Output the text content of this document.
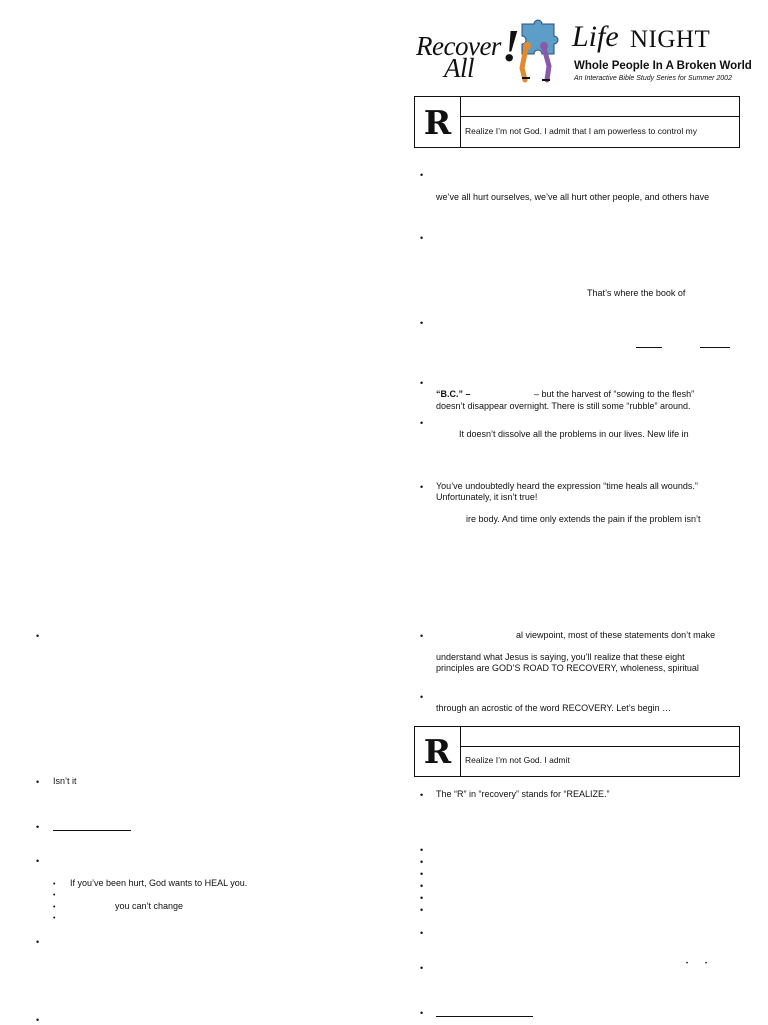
Recover
All ! Life NIGHT
Whole People In A Broken World
An Interactive Bible Study Series for Summer 2002
R	Realize I’m not God. I admit that I am powerless to control my
•
we’ve all hurt ourselves, we’ve all hurt other people, and others have
•
That’s where the book of
•
•
“B.C.” –	– but the harvest of “sowing to the flesh”
doesn’t disappear overnight. There is still some “rubble” around.
•
It doesn’t dissolve all the problems in our lives. New life in
• You’ve undoubtedly heard the expression “time heals all wounds.”
Unfortunately, it isn’t true!
ire body. And time only extends the pain if the problem isn’t
•	al viewpoint, most of these statements don’t make
understand what Jesus is saying, you’ll realize that these eight
principles are GOD’S ROAD TO RECOVERY, wholeness, spiritual
•
through an acrostic of the word RECOVERY. Let’s begin …
R	Realize I’m not God. I admit
• The “R” in “recovery” stands for “REALIZE.”
•
•
•
•
•
•
•
•	•	•
•
•
• Isn’t it
•
•
• If you’ve been hurt, God wants to HEAL you.
•
•	you can’t change
•
•
•
